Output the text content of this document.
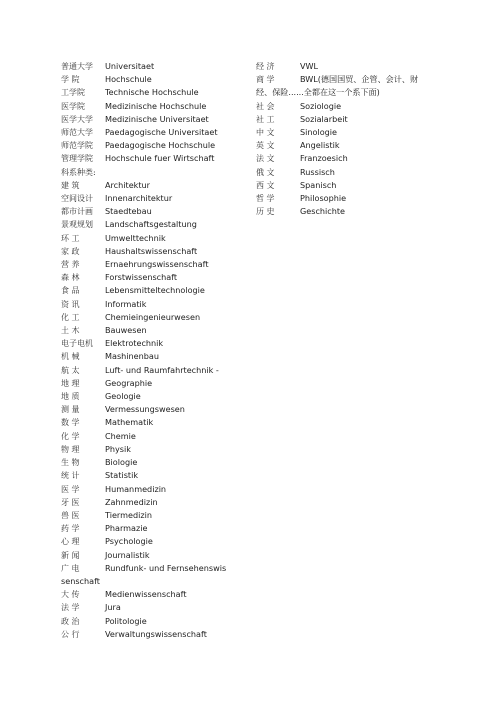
普通大学 Universitaet
学 院	Hochschule
工学院 Technische Hochschule
医学院 Medizinische Hochschule
医学大学 Medizinische Universitaet
师范大学 Paedagogische Universitaet
师范学院 Paedagogische Hochschule
管理学院 Hochschule fuer Wirtschaft
科系种类:
建 筑	Architektur
空间设计 Innenarchitektur
都市计画 Staedtebau
景观规划 Landschaftsgestaltung
环 工	Umwelttechnik
家 政	Haushaltswissenschaft
营 养	Ernaehrungswissenschaft
森 林	Forstwissenschaft
食 品	Lebensmitteltechnologie
资 讯	Informatik
化 工	Chemieingenieurwesen
土 木	Bauwesen
电子电机 Elektrotechnik
机 械	Mashinenbau
航 太	Luft- und Raumfahrtechnik -
地 理	Geographie
地 质	Geologie
测 量	Vermessungswesen
数 学	Mathematik
化 学	Chemie
物 理	Physik
生 物	Biologie
统 计	Statistik
医 学	Humanmedizin
牙 医	Zahnmedizin
兽 医	Tiermedizin
药 学	Pharmazie
心 理	Psychologie
新 闻	Journalistik
广 电	Rundfunk- und Fernsehenswis senschaft
大 传	Medienwissenschaft
法 学	Jura
政 治	Politologie
公 行	Verwaltungswissenschaft
经 济	VWL
商 学	BWL(德国国贸、企管、会计、财经、保险......全都在这一个系下面)
社 会	Soziologie
社 工	Sozialarbeit
中 文	Sinologie
英 文	Angelistik
法 文	Franzoesich
俄 文	Russisch
西 文	Spanisch
哲 学	Philosophie
历 史	Geschichte
